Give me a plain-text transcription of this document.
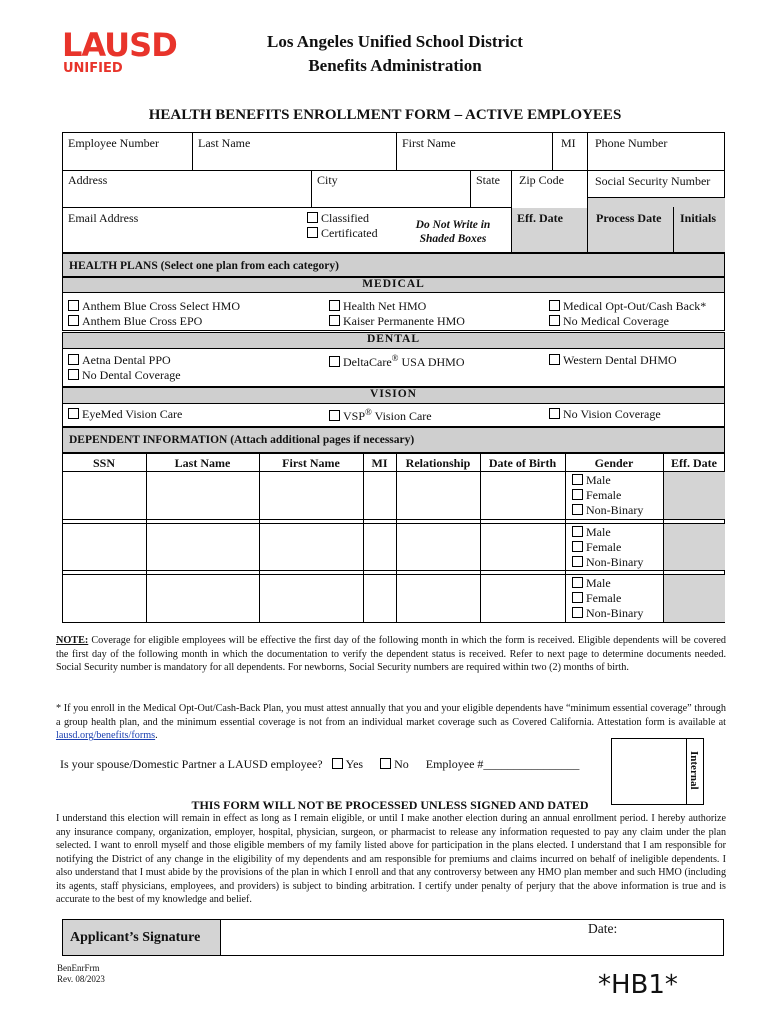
LAUSD
UNIFIED
Los Angeles Unified School District
Benefits Administration
HEALTH BENEFITS ENROLLMENT FORM – ACTIVE EMPLOYEES
Employee Number	Last Name	First Name	MI Phone Number
Address	City	State Zip Code	Social Security Number
Email Address	Classified
Certificated
Do Not Write in
Shaded Boxes
Eff. Date	Process Date Initials
HEALTH PLANS (Select one plan from each category)
MEDICAL
Anthem Blue Cross Select HMO
Anthem Blue Cross EPO
Health Net HMO
Kaiser Permanente HMO
Medical Opt-Out/Cash Back*
No Medical Coverage
DENTAL
Aetna Dental PPO
No Dental Coverage
DeltaCare® USA DHMO	Western Dental DHMO
VISION
EyeMed Vision Care	VSP® Vision Care	No Vision Coverage
DEPENDENT INFORMATION (Attach additional pages if necessary)
SSN	Last Name	First Name	MI	Relationship	Date of Birth	Gender	Eff. Date
Male
Female
Non-Binary
Male
Female
Non-Binary
Male
Female
Non-Binary
NOTE: Coverage for eligible employees will be effective the first day of the following month in which the form is received. Eligible dependents will be covered the first day of the following month in which the documentation to verify the dependent status is received. Refer to next page to determine documents needed. Social Security number is mandatory for all dependents. For newborns, Social Security numbers are required within two (2) months of birth.
* If you enroll in the Medical Opt-Out/Cash-Back Plan, you must attest annually that you and your eligible dependents have “minimum essential coverage” through a group health plan, and the minimum essential coverage is not from an individual market coverage such as Covered California. Attestation form is available at lausd.org/benefits/forms.
Is your spouse/Domestic Partner a LAUSD employee? Yes	No Employee #________________	Internal
THIS FORM WILL NOT BE PROCESSED UNLESS SIGNED AND DATED
I understand this election will remain in effect as long as I remain eligible, or until I make another election during an annual enrollment period. I hereby authorize any insurance company, organization, employer, hospital, physician, surgeon, or pharmacist to release any information requested to pay any claim under the plan selected. I want to enroll myself and those eligible members of my family listed above for participation in the plans elected. I understand that I am responsible for notifying the District of any change in the eligibility of my dependents and am responsible for premiums and claims incurred on behalf of ineligible dependents. I also understand that I must abide by the provisions of the plan in which I enroll and that any controversy between any HMO plan member and such HMO (including its agents, staff physicians, employees, and providers) is subject to binding arbitration. I certify under penalty of perjury that the above information is true and is accurate to the best of my knowledge and belief.
Applicant’s Signature
Date:
BenEnrFrm
Rev. 08/2023	*HB1*
